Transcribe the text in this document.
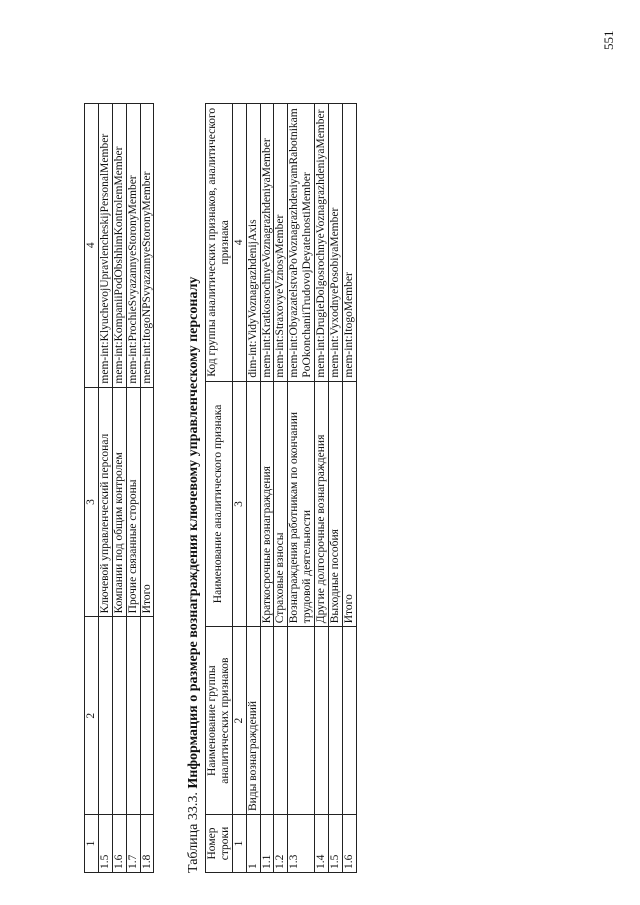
551
1	2	3	4
1.5		Ключевой управленческий персонал	mem-int:KlyuchevojUpravlencheskijPersonalMember
1.6		Компании под общим контролем	mem-int:KompaniiPodObshhimKontrolemMember
1.7		Прочие связанные стороны	mem-int:ProchieSvyazannyeStoronyMember
1.8		Итого	mem-int:ItogoNPSvyazannyeStoronyMember
Таблица 33.3. Информация о размере вознаграждения ключевому управленческому персоналу
Номер строки	Наименование группы аналитических признаков	Наименование аналитического признака	Код группы аналитических признаков, аналитического признака
1	2	3	4
1	Виды вознаграждений		dim-int:VidyVoznagrazhdenijAxis
1.1		Краткосрочные вознаграждения	mem-int:KratkosrochnyeVoznagrazhdeniyaMember
1.2		Страховые взносы	mem-int:StraxovyeVznosyMember
1.3		Вознаграждения работникам по окончании трудовой деятельности	mem-int:ObyazatelstvaPoVoznagrazhdeniyamRabotnikamPoOkonchaniiTrudovojDeyatelnostiMember
1.4		Другие долгосрочные вознаграждения	mem-int:DrugieDolgosrochnyeVoznagrazhdeniyaMember
1.5		Выходные пособия	mem-int:VyxodnyePosobiyaMember
1.6		Итого	mem-int:ItogoMember
